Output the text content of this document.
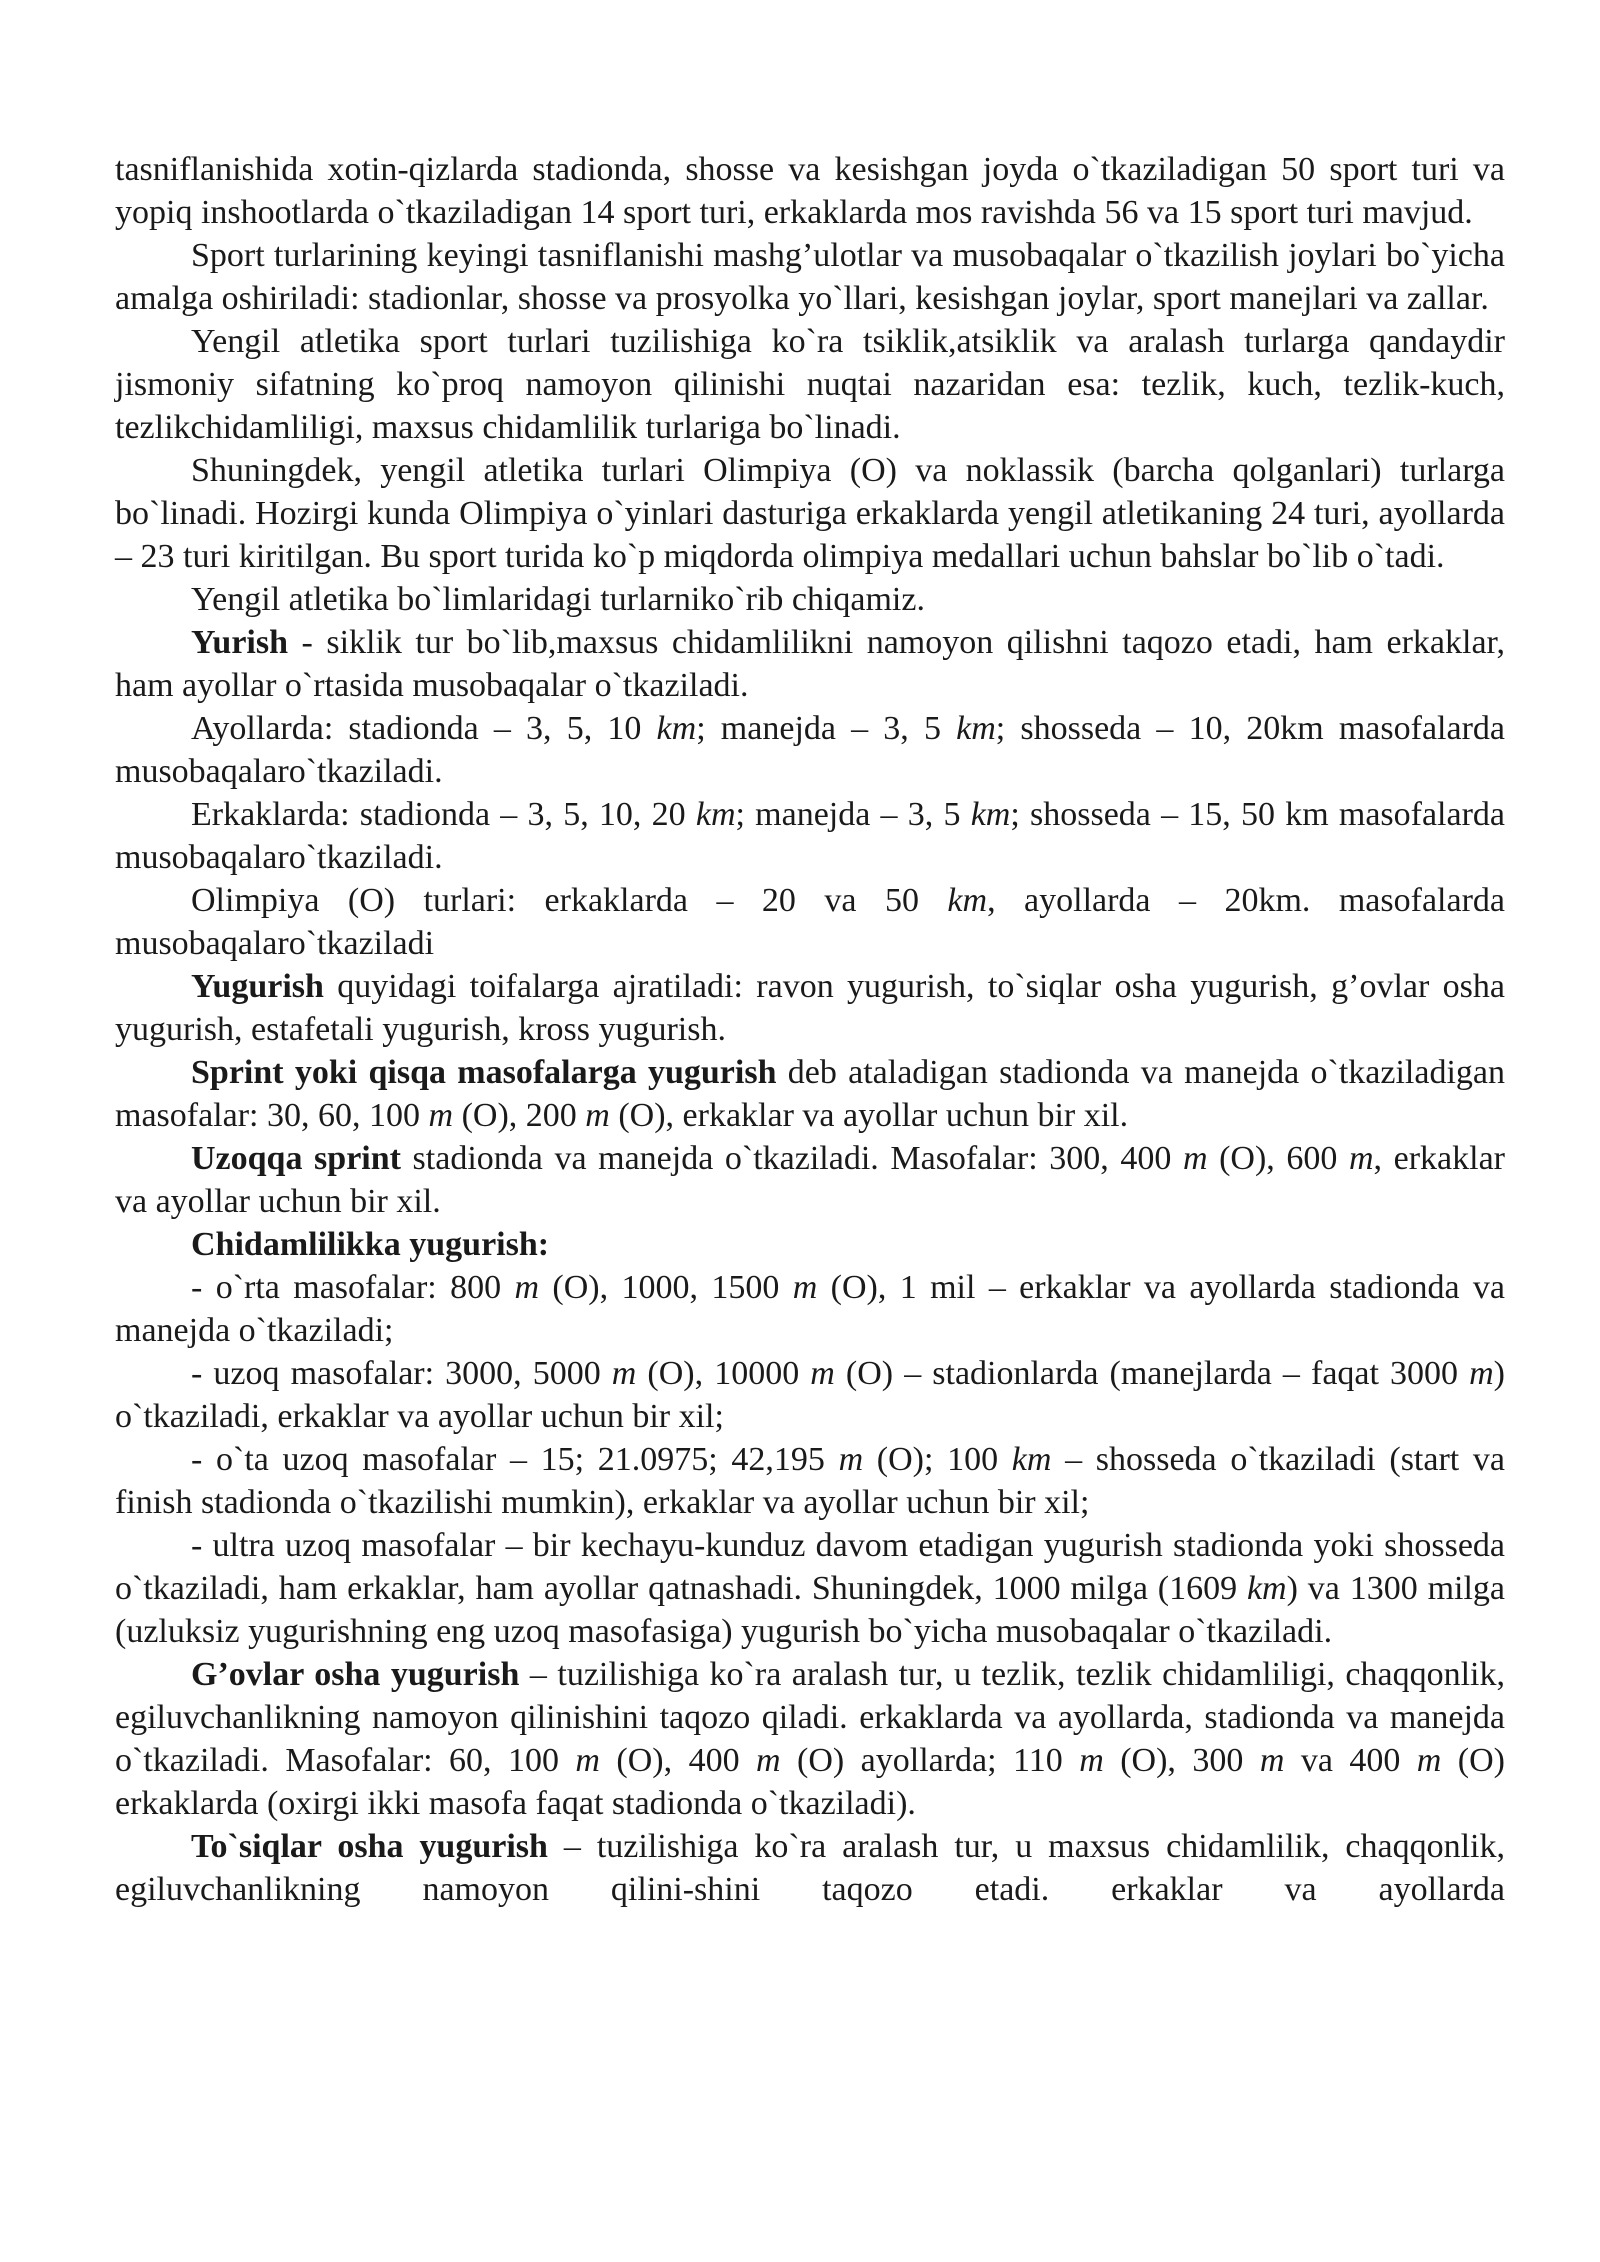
tasniflanishida xotin-qizlarda stadionda, shosse va kesishgan joyda o`tkaziladigan 50 sport turi va yopiq inshootlarda o`tkaziladigan 14 sport turi, erkaklarda mos ravishda 56 va 15 sport turi mavjud.

Sport turlarining keyingi tasniflanishi mashg’ulotlar va musobaqalar o`tkazilish joylari bo`yicha amalga oshiriladi: stadionlar, shosse va prosyolka yo`llari, kesishgan joylar, sport manejlari va zallar.

Yengil atletika sport turlari tuzilishiga ko`ra tsiklik,atsiklik va aralash turlarga qandaydir jismoniy sifatning ko`proq namoyon qilinishi nuqtai nazaridan esa: tezlik, kuch, tezlik-kuch, tezlikchidamliligi, maxsus chidamlilik turlariga bo`linadi.

Shuningdek, yengil atletika turlari Olimpiya (O) va noklassik (barcha qolganlari) turlarga bo`linadi. Hozirgi kunda Olimpiya o`yinlari dasturiga erkaklarda yengil atletikaning 24 turi, ayollarda – 23 turi kiritilgan. Bu sport turida ko`p miqdorda olimpiya medallari uchun bahslar bo`lib o`tadi.

Yengil atletika bo`limlaridagi turlarniko`rib chiqamiz.

Yurish - siklik tur bo`lib,maxsus chidamlilikni namoyon qilishni taqozo etadi, ham erkaklar, ham ayollar o`rtasida musobaqalar o`tkaziladi.

Ayollarda: stadionda – 3, 5, 10 km; manejda – 3, 5 km; shosseda – 10, 20km masofalarda musobaqalaro`tkaziladi.

Erkaklarda: stadionda – 3, 5, 10, 20 km; manejda – 3, 5 km; shosseda – 15, 50 km masofalarda musobaqalaro`tkaziladi.

Olimpiya (O) turlari: erkaklarda – 20 va 50 km, ayollarda – 20km. masofalarda musobaqalaro`tkaziladi

Yugurish quyidagi toifalarga ajratiladi: ravon yugurish, to`siqlar osha yugurish, g’ovlar osha yugurish, estafetali yugurish, kross yugurish.

Sprint yoki qisqa masofalarga yugurish deb ataladigan stadionda va manejda o`tkaziladigan masofalar: 30, 60, 100 m (O), 200 m (O), erkaklar va ayollar uchun bir xil.

Uzoqqa sprint stadionda va manejda o`tkaziladi. Masofalar: 300, 400 m (O), 600 m, erkaklar va ayollar uchun bir xil.

Chidamlilikka yugurish:

- o`rta masofalar: 800 m (O), 1000, 1500 m (O), 1 mil – erkaklar va ayollarda stadionda va manejda o`tkaziladi;

- uzoq masofalar: 3000, 5000 m (O), 10000 m (O) – stadionlarda (manejlarda – faqat 3000 m) o`tkaziladi, erkaklar va ayollar uchun bir xil;

- o`ta uzoq masofalar – 15; 21.0975; 42,195 m (O); 100 km – shosseda o`tkaziladi (start va finish stadionda o`tkazilishi mumkin), erkaklar va ayollar uchun bir xil;

- ultra uzoq masofalar – bir kechayu-kunduz davom etadigan yugurish stadionda yoki shosseda o`tkaziladi, ham erkaklar, ham ayollar qatnashadi. Shuningdek, 1000 milga (1609 km) va 1300 milga (uzluksiz yugurishning eng uzoq masofasiga) yugurish bo`yicha musobaqalar o`tkaziladi.

G’ovlar osha yugurish – tuzilishiga ko`ra aralash tur, u tezlik, tezlik chidamliligi, chaqqonlik, egiluvchanlikning namoyon qilinishini taqozo qiladi. erkaklarda va ayollarda, stadionda va manejda o`tkaziladi. Masofalar: 60, 100 m (O), 400 m (O) ayollarda; 110 m (O), 300 m va 400 m (O) erkaklarda (oxirgi ikki masofa faqat stadionda o`tkaziladi).

To`siqlar osha yugurish – tuzilishiga ko`ra aralash tur, u maxsus chidamlilik, chaqqonlik, egiluvchanlikning namoyon qilini-shini taqozo etadi. erkaklar va ayollarda
